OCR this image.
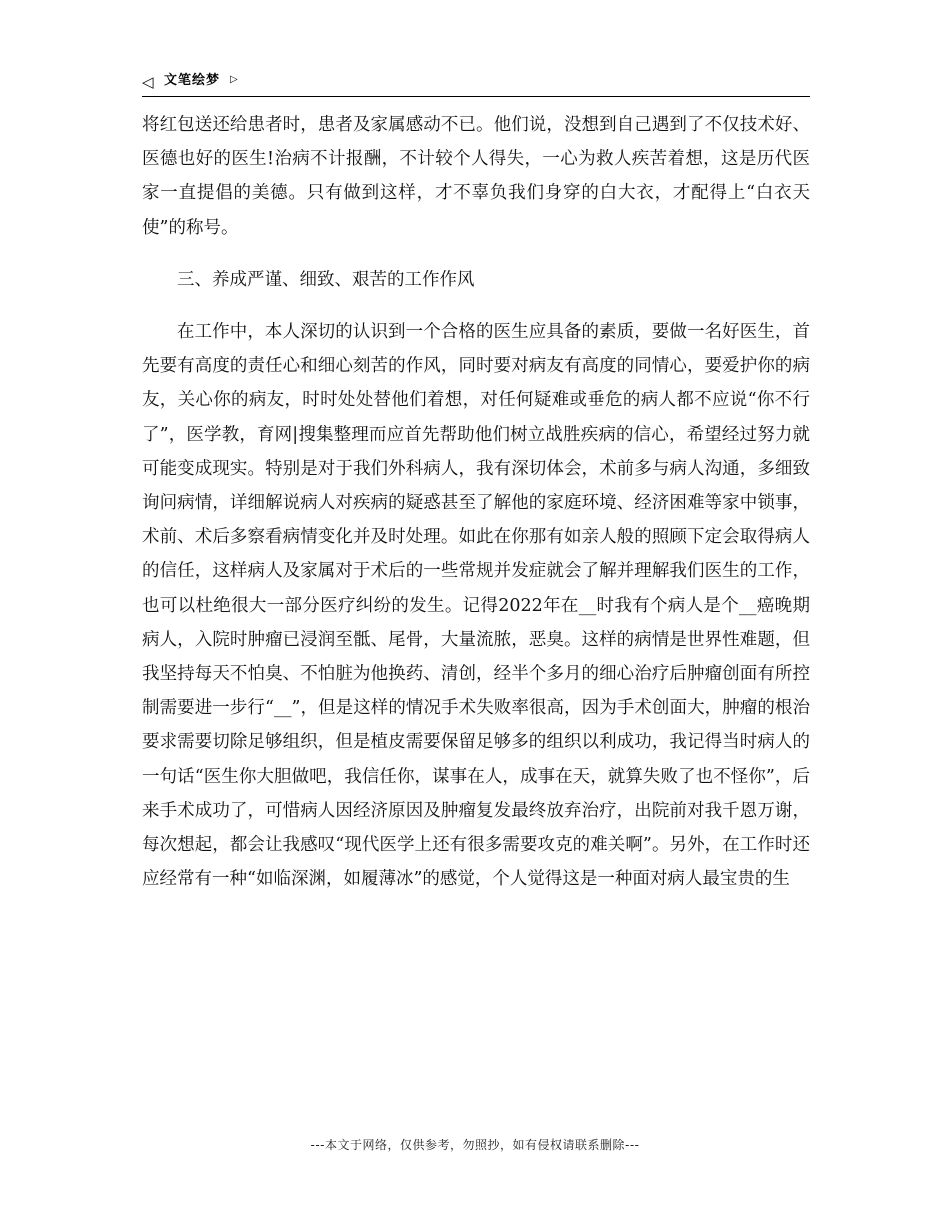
◁ 文笔绘梦 ▷

将红包送还给患者时，患者及家属感动不已。他们说，没想到自己遇到了不仅技术好、医德也好的医生!治病不计报酬，不计较个人得失，一心为救人疾苦着想，这是历代医家一直提倡的美德。只有做到这样，才不辜负我们身穿的白大衣，才配得上“白衣天使”的称号。

三、养成严谨、细致、艰苦的工作作风

在工作中，本人深切的认识到一个合格的医生应具备的素质，要做一名好医生，首先要有高度的责任心和细心刻苦的作风，同时要对病友有高度的同情心，要爱护你的病友，关心你的病友，时时处处替他们着想，对任何疑难或垂危的病人都不应说“你不行了”，医学教，育网|搜集整理而应首先帮助他们树立战胜疾病的信心，希望经过努力就可能变成现实。特别是对于我们外科病人，我有深切体会，术前多与病人沟通，多细致询问病情，详细解说病人对疾病的疑惑甚至了解他的家庭环境、经济困难等家中锁事，术前、术后多察看病情变化并及时处理。如此在你那有如亲人般的照顾下定会取得病人的信任，这样病人及家属对于术后的一些常规并发症就会了解并理解我们医生的工作，也可以杜绝很大一部分医疗纠纷的发生。记得2022年在__时我有个病人是个__癌晚期病人，入院时肿瘤已浸润至骶、尾骨，大量流脓，恶臭。这样的病情是世界性难题，但我坚持每天不怕臭、不怕脏为他换药、清创，经半个多月的细心治疗后肿瘤创面有所控制需要进一步行“__”，但是这样的情况手术失败率很高，因为手术创面大，肿瘤的根治要求需要切除足够组织，但是植皮需要保留足够多的组织以利成功，我记得当时病人的一句话“医生你大胆做吧，我信任你，谋事在人，成事在天，就算失败了也不怪你”，后来手术成功了，可惜病人因经济原因及肿瘤复发最终放弃治疗，出院前对我千恩万谢，每次想起，都会让我感叹“现代医学上还有很多需要攻克的难关啊”。另外，在工作时还应经常有一种“如临深渊，如履薄冰”的感觉，个人觉得这是一种面对病人最宝贵的生

---本文于网络，仅供参考，勿照抄，如有侵权请联系删除---
